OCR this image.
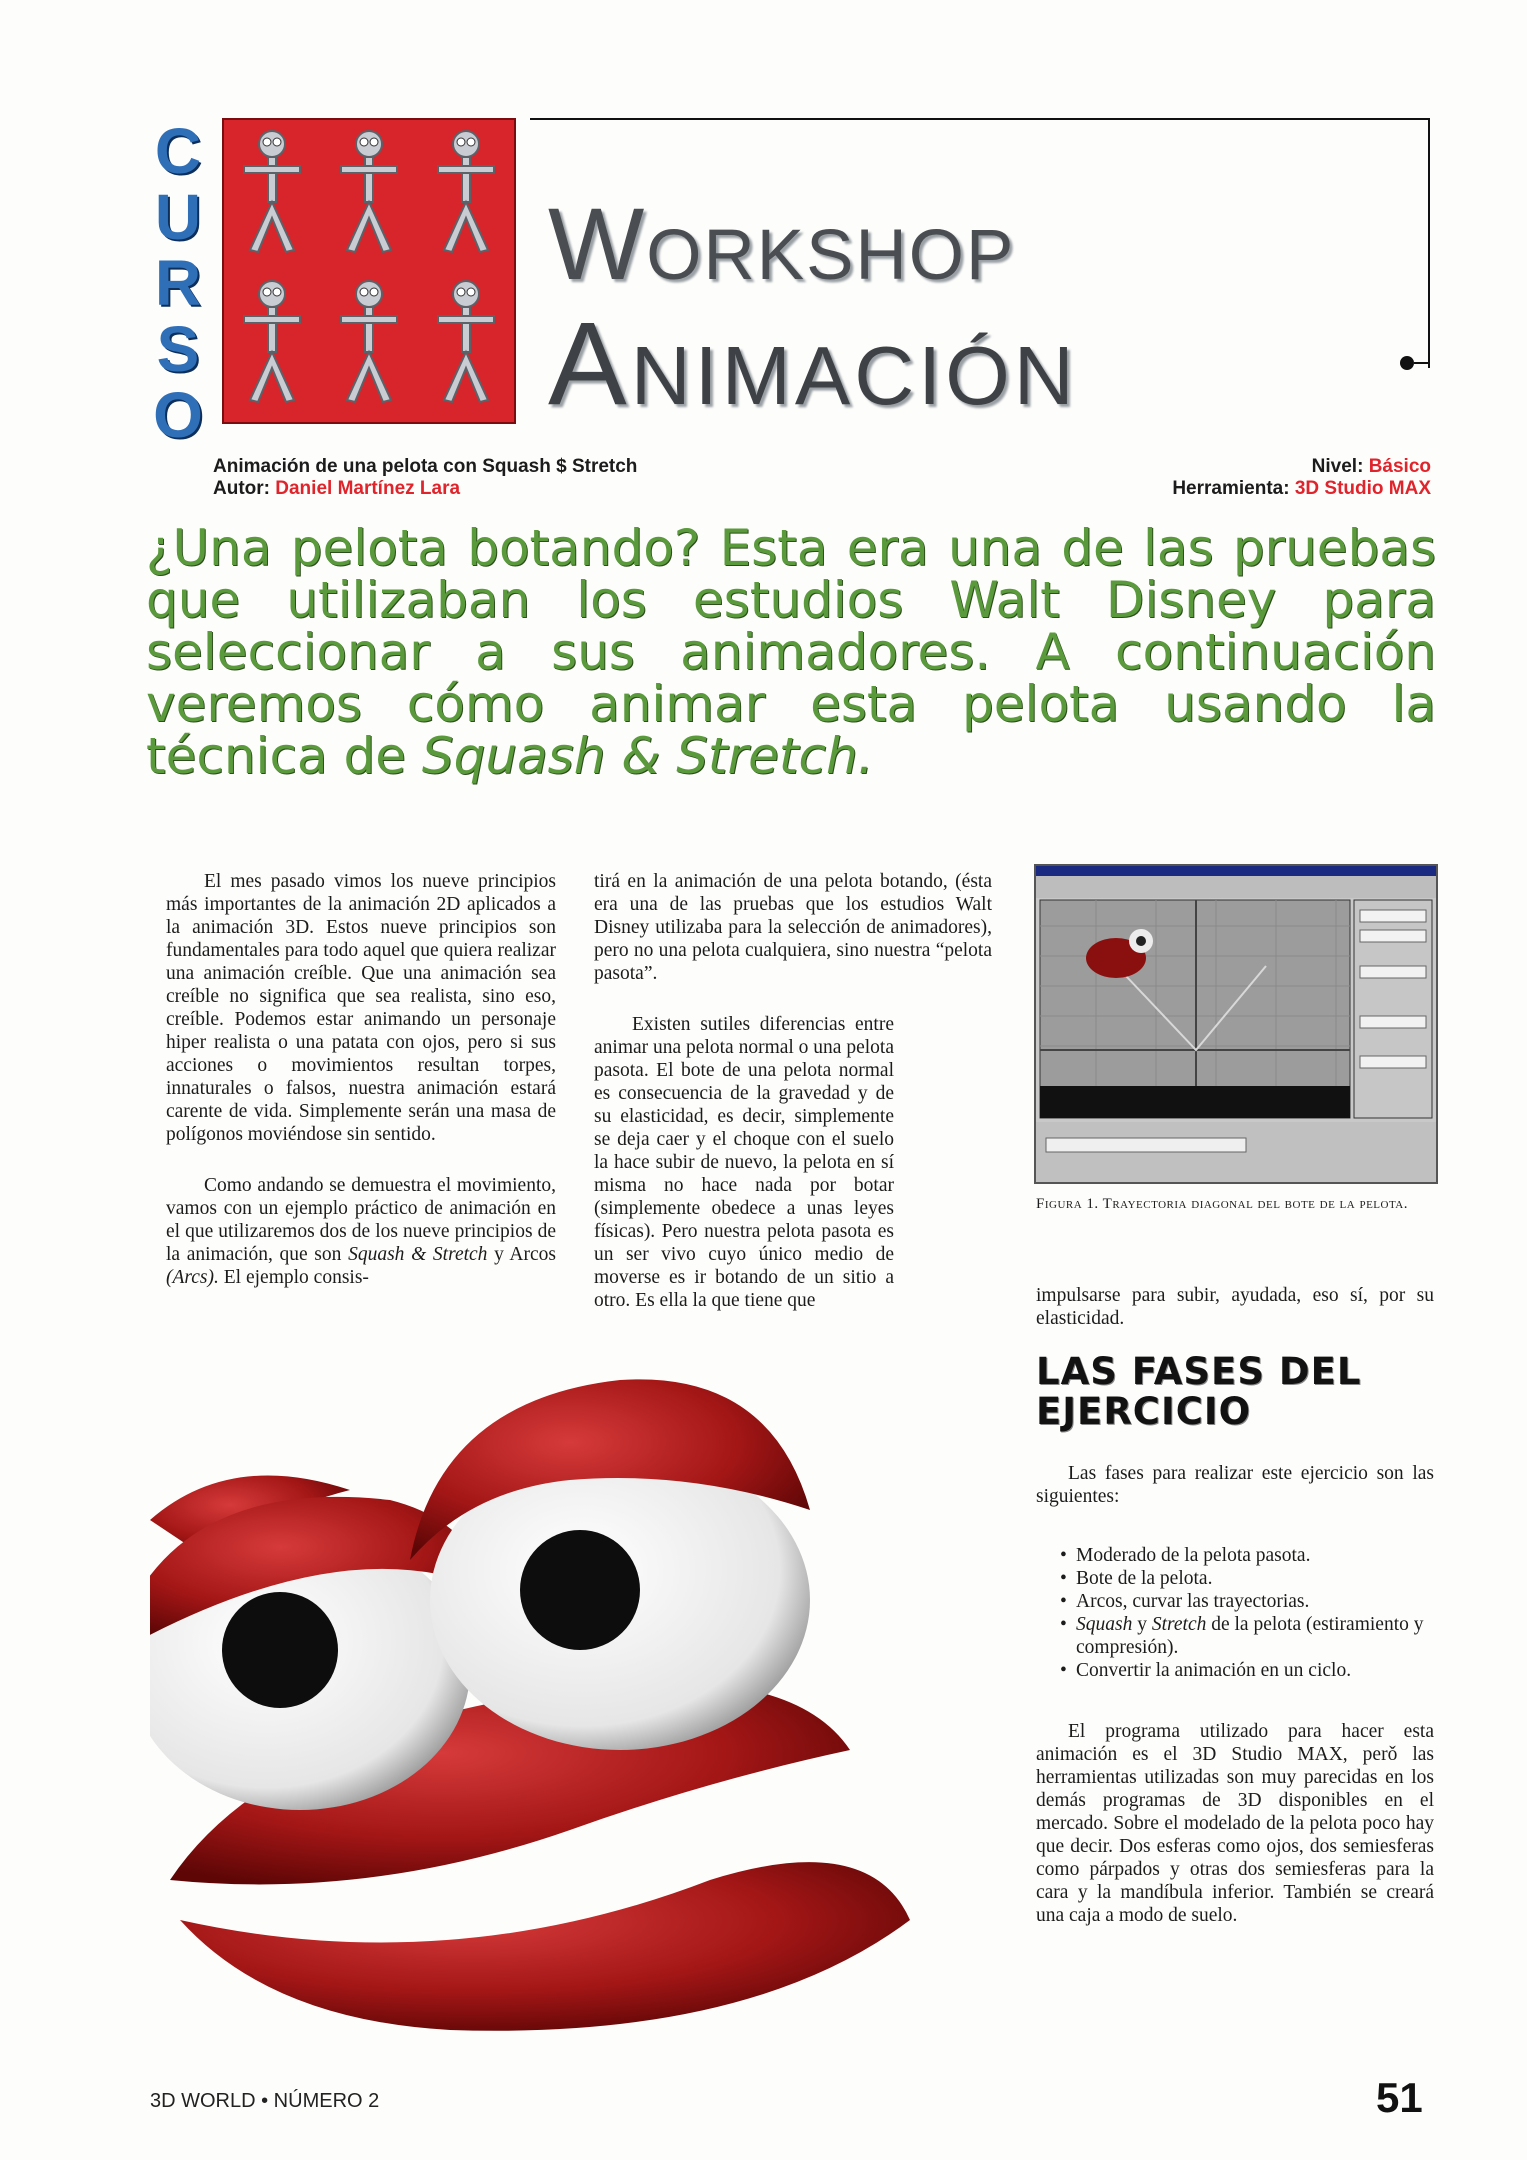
C
U
R
S
O
Workshop
Animación
Animación de una pelota con Squash $ Stretch
Autor: Daniel Martínez Lara
Nivel: Básico
Herramienta: 3D Studio MAX
¿Una pelota botando? Esta era una de las pruebas que utilizaban los estudios Walt Disney para seleccionar a sus animadores. A continuación veremos cómo animar esta pelota usando la técnica de Squash & Stretch.

El mes pasado vimos los nueve principios más importantes de la animación 2D aplicados a la animación 3D. Estos nueve principios son fundamentales para todo aquel que quiera realizar una animación creíble. Que una animación sea creíble no significa que sea realista, sino eso, creíble. Podemos estar animando un personaje hiper realista o una patata con ojos, pero si sus acciones o movimientos resultan torpes, innaturales o falsos, nuestra animación estará carente de vida. Simplemente serán una masa de polígonos moviéndose sin sentido.

Como andando se demuestra el movimiento, vamos con un ejemplo práctico de animación en el que utilizaremos dos de los nueve principios de la animación, que son Squash & Stretch y Arcos (Arcs). El ejemplo consis-

tirá en la animación de una pelota botando, (ésta era una de las pruebas que los estudios Walt Disney utilizaba para la selección de animadores), pero no una pelota cualquiera, sino nuestra “pelota pasota”.

Existen sutiles diferencias entre animar una pelota normal o una pelota pasota. El bote de una pelota normal es consecuencia de la gravedad y de su elasticidad, es decir, simplemente se deja caer y el choque con el suelo la hace subir de nuevo, la pelota en sí misma no hace nada por botar (simplemente obedece a unas leyes físicas). Pero nuestra pelota pasota es un ser vivo cuyo único medio de moverse es ir botando de un sitio a otro. Es ella la que tiene que

Figura 1. Trayectoria diagonal del bote de la pelota.

impulsarse para subir, ayudada, eso sí, por su elasticidad.

LAS FASES DEL EJERCICIO

Las fases para realizar este ejercicio son las siguientes:

• Moderado de la pelota pasota.
• Bote de la pelota.
• Arcos, curvar las trayectorias.
• Squash y Stretch de la pelota (estiramiento y compresión).
• Convertir la animación en un ciclo.

El programa utilizado para hacer esta animación es el 3D Studio MAX, perǒ las herramientas utilizadas son muy parecidas en los demás programas de 3D disponibles en el mercado. Sobre el modelado de la pelota poco hay que decir. Dos esferas como ojos, dos semiesferas como párpados y otras dos semiesferas para la cara y la mandíbula inferior. También se creará una caja a modo de suelo.

3D WORLD • NÚMERO 2	51
